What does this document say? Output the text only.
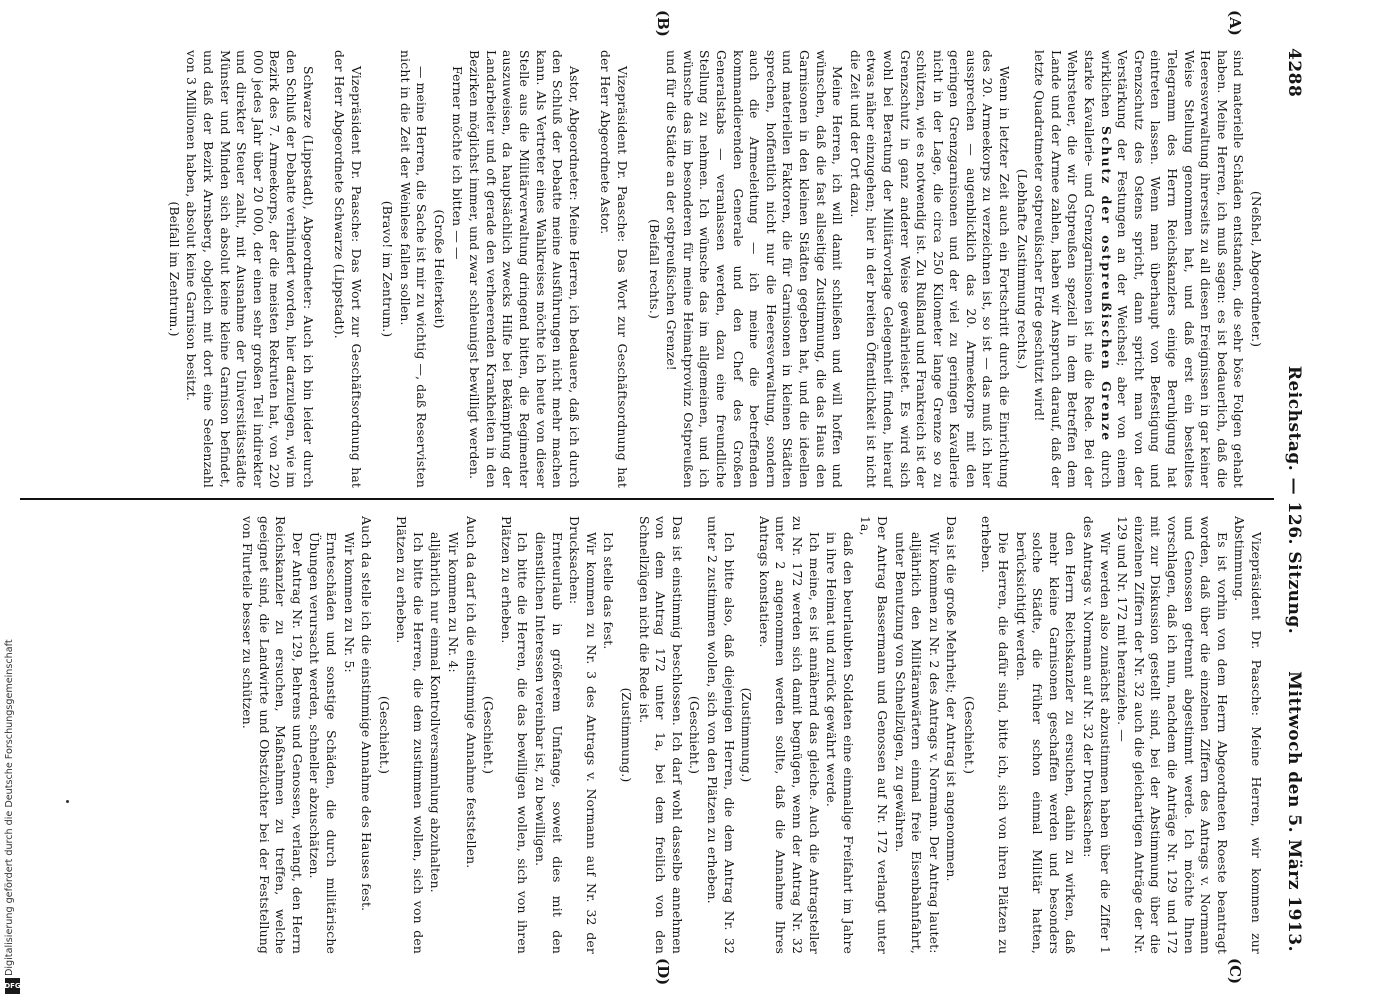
4288
Reichstag. — 126. Sitzung.
Mittwoch den 5. März 1913.
(A)
(B)
(C)
(D)

(Neßhel, Abgeordneter.)

sind materielle Schäden entstanden, die sehr böse Folgen gehabt haben. Meine Herren, ich muß sagen: es ist bedauerlich, daß die Heeresverwaltung ihrerseits zu all diesen Ereignissen in gar keiner Weise Stellung genommen hat, und daß erst ein bestelltes Telegramm des Herrn Reichskanzlers einige Beruhigung hat eintreten lassen. Wenn man überhaupt von Befestigung und Grenzschutz des Ostens spricht, dann spricht man von der Verstärkung der Festungen an der Weichsel; aber von einem wirklichen Schutz der ostpreußischen Grenze durch starke Kavallerie- und Grenzgarnisonen ist nie die Rede. Bei der Wehrsteuer, die wir Ostpreußen speziell in dem Betreffen dem Lande und der Armee zahlen, haben wir Anspruch darauf, daß der letzte Quadratmeter ostpreußischer Erde geschützt wird!

(Lebhafte Zustimmung rechts.)

Wenn in letzter Zeit auch ein Fortschritt durch die Einrichtung des 20. Armeekorps zu verzeichnen ist, so ist — das muß ich hier aussprechen — augenblicklich das 20. Armeekorps mit den geringen Grenzgarnisonen und der viel zu geringen Kavallerie nicht in der Lage, die circa 250 Kilometer lange Grenze so zu schützen, wie es notwendig ist. Zu Rußland und Frankreich ist der Grenzschutz in ganz anderer Weise gewährleistet. Es wird sich wohl bei Beratung der Militärvorlage Gelegenheit finden, hierauf etwas näher einzugehen; hier in der breiten Öffentlichkeit ist nicht die Zeit und der Ort dazu.

Meine Herren, ich will damit schließen und will hoffen und wünschen, daß die fast allseitige Zustimmung, die das Haus den Garnisonen in den kleinen Städten gegeben hat, und die ideellen und materiellen Faktoren, die für Garnisonen in kleinen Städten sprechen, hoffentlich nicht nur die Heeresverwaltung, sondern auch die Armeeleitung — ich meine die betreffenden kommandierenden Generale und den Chef des Großen Generalstabs — veranlassen werden, dazu eine freundliche Stellung zu nehmen. Ich wünsche das im allgemeinen, und ich wünsche das im besonderen für meine Heimatprovinz Ostpreußen und für die Städte an der ostpreußischen Grenze!

(Beifall rechts.)

Vizepräsident Dr. Paasche: Das Wort zur Geschäftsordnung hat der Herr Abgeordnete Astor.

Astor, Abgeordneter: Meine Herren, ich bedauere, daß ich durch den Schluß der Debatte meine Ausführungen nicht mehr machen kann. Als Vertreter eines Wahlkreises möchte ich heute von dieser Stelle aus die Militärverwaltung dringend bitten, die Regimenter auszuweisen, da hauptsächlich zwecks Hilfe bei Bekämpfung der Landarbeiter und oft gerade den verheerenden Krankheiten in den Bezirken möglichst immer, und zwar schleunigst bewilligt werden.

Ferner möchte ich bitten — —

(Große Heiterkeit)

— meine Herren, die Sache ist mir zu wichtig —, daß Reservisten nicht in die Zeit der Weinlese fallen sollen.

(Bravo! im Zentrum.)

Vizepräsident Dr. Paasche: Das Wort zur Geschäftsordnung hat der Herr Abgeordnete Schwarze (Lippstadt).

Schwarze (Lippstadt), Abgeordneter: Auch ich bin leider durch den Schluß der Debatte verhindert worden, hier darzulegen, wie im Bezirk des 7. Armeekorps, der die meisten Rekruten hat, von 220 000 jedes Jahr über 20 000, der einen sehr großen Teil indirekter und direkter Steuer zahlt, mit Ausnahme der Universitätsstädte Münster und Minden sich absolut keine kleine Garnison befindet, und daß der Bezirk Arnsberg, obgleich mit dort eine Seelenzahl von 3 Millionen haben, absolut keine Garnison besitzt.

(Beifall im Zentrum.)

Vizepräsident Dr. Paasche: Meine Herren, wir kommen zur Abstimmung.

Es ist vorhin von dem Herrn Abgeordneten Roeste beantragt worden, daß über die einzelnen Ziffern des Antrags v. Normann und Genossen getrennt abgestimmt werde. Ich möchte Ihnen vorschlagen, daß ich nun, nachdem die Anträge Nr. 129 und 172 mit zur Diskussion gestellt sind, bei der Abstimmung über die einzelnen Ziffern der Nr. 32 auch die gleichartigen Anträge der Nr. 129 und Nr. 172 mit heranziehe. —

Wir werden also zunächst abzustimmen haben über die Ziffer 1 des Antrags v. Normann auf Nr. 32 der Drucksachen:

den Herrn Reichskanzler zu ersuchen, dahin zu wirken, daß mehr kleine Garnisonen geschaffen werden und besonders solche Städte, die früher schon einmal Militär hatten, berücksichtigt werden.

Die Herren, die dafür sind, bitte ich, sich von ihren Plätzen zu erheben.

(Geschieht.)

Das ist die große Mehrheit; der Antrag ist angenommen.

Wir kommen zu Nr. 2 des Antrags v. Normann. Der Antrag lautet:

alljährlich den Militäranwärtern einmal freie Eisenbahnfahrt, unter Benutzung von Schnellzügen, zu gewähren.

Der Antrag Bassermann und Genossen auf Nr. 172 verlangt unter 1a,

daß den beurlaubten Soldaten eine einmalige Freifahrt im Jahre in ihre Heimat und zurück gewährt werde.

Ich meine, es ist annähernd das gleiche. Auch die Antragsteller zu Nr. 172 werden sich damit begnügen, wenn der Antrag Nr. 32 unter 2 angenommen werden sollte, daß die Annahme Ihres Antrags konstatiere.

(Zustimmung.)

Ich bitte also, daß diejenigen Herren, die dem Antrag Nr. 32 unter 2 zustimmen wollen, sich von den Plätzen zu erheben.

(Geschieht.)

Das ist einstimmig beschlossen. Ich darf wohl dasselbe annehmen von dem Antrag 172 unter 1a, bei dem freilich von den Schnellzügen nicht die Rede ist.

(Zustimmung.)

Ich stelle das fest.

Wir kommen zu Nr. 3 des Antrags v. Normann auf Nr. 32 der Drucksachen:

Ernteurlaub in größerem Umfange, soweit dies mit den dienstlichen Interessen vereinbar ist, zu bewilligen.

Ich bitte die Herren, die das bewilligen wollen, sich von ihren Plätzen zu erheben.

(Geschieht.)

Auch da darf ich die einstimmige Annahme feststellen.

Wir kommen zu Nr. 4:

alljährlich nur einmal Kontrollversammlung abzuhalten.

Ich bitte die Herren, die dem zustimmen wollen, sich von den Plätzen zu erheben.

(Geschieht.)

Auch da stelle ich die einstimmige Annahme des Hauses fest.

Wir kommen zu Nr. 5:

Ernteschäden und sonstige Schäden, die durch militärische Übungen verursacht werden, schneller abzuschätzen.

Der Antrag Nr. 129, Behrens und Genossen, verlangt, den Herrn Reichskanzler zu ersuchen, Maßnahmen zu treffen, welche geeignet sind, die Landwirte und Obstzüchter bei der Feststellung von Flurteile besser zu schützen.

Digitalisierung gefördert durch die Deutsche Forschungsgemeinschaft
DFG
